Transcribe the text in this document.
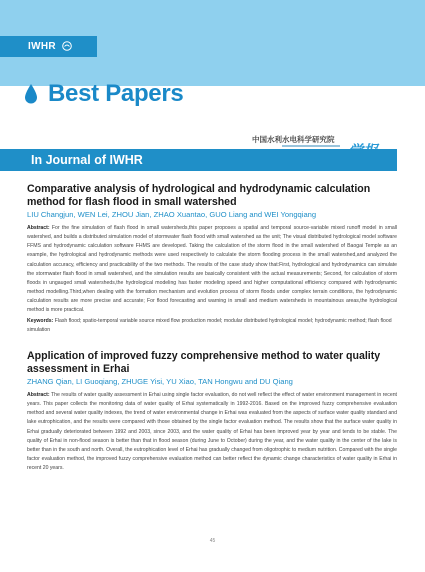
IWHR
Best Papers
中国水利水电科学研究院
In Journal of IWHR

Comparative analysis of hydrological and hydrodynamic calculation method for flash flood in small watershed

LIU Changjun, WEN Lei, ZHOU Jian, ZHAO Xuantao, GUO Liang and WEI Yongqiang
Abstract: For the fine simulation of flash flood in small watersheds,this paper proposes a spatial and temporal source-variable mixed runoff model in small watershed, and builds a distributed simulation model of stormwater flash flood with small watershed as the unit; The visual distributed hydrological model software FFMS and hydrodynamic calculation software FHMS are developed. Taking the calculation of the storm flood in the small watershed of Baogai Temple as an example, the hydrological and hydrodynamic methods were used respectively to calculate the storm flooding process in the small watershed,and analyzed the calculation accuracy, efficiency and practicability of the two methods. The results of the case study show that:First, hydrological and hydrodynamics can simulate the stormwater flash flood in small watershed, and the simulation results are basically consistent with the actual measurements; Second, for calculation of storm floods in ungauged small watersheds,the hydrological modeling has faster modeling speed and higher computational efficiency compared with hydrodynamic method modelling.Third,when dealing with the formation mechanism and evolution process of storm floods under complex terrain conditions, the hydrodynamic calculation results are more precise and accurate; For flood forecasting and warning in small and medium watersheds in mountainous areas,the hydrological method is more practical.
Keywords: Flash flood; spatio-temporal variable source mixed flow production model; modular distributed hydrological model; hydrodynamic method; flash flood simulation

Application of improved fuzzy comprehensive method to water quality assessment in Erhai

ZHANG Qian, LI Guoqiang, ZHUGE Yisi, YU Xiao, TAN Hongwu and DU Qiang
Abstract: The results of water quality assessment in Erhai using single factor evaluation, do not well reflect the effect of water environment management in recent years. This paper collects the monitoring data of water quality of Erhai systematically in 1992-2016. Based on the improved fuzzy comprehensive evaluation method and several water quality indexes, the trend of water environmental change in Erhai was evaluated from the aspects of surface water quality standard and lake eutrophication, and the results were compared with those obtained by the single factor evaluation method. The results show that the surface water quality in Erhai gradually deteriorated between 1992 and 2003, since 2003, and the water quality of Erhai has been improved year by year and tends to be stable. The quality of Erhai in non-flood season is better than that in flood season (during June to October) during the year, and the water quality in the center of the lake is better than in the south and north. Overall, the eutrophication level of Erhai has gradually changed from oligotrophic to medium nutrition. Compared with the single factor evaluation method, the improved fuzzy comprehensive evaluation method can better reflect the dynamic change characteristics of water quality in Erhai in recent 20 years.
45
